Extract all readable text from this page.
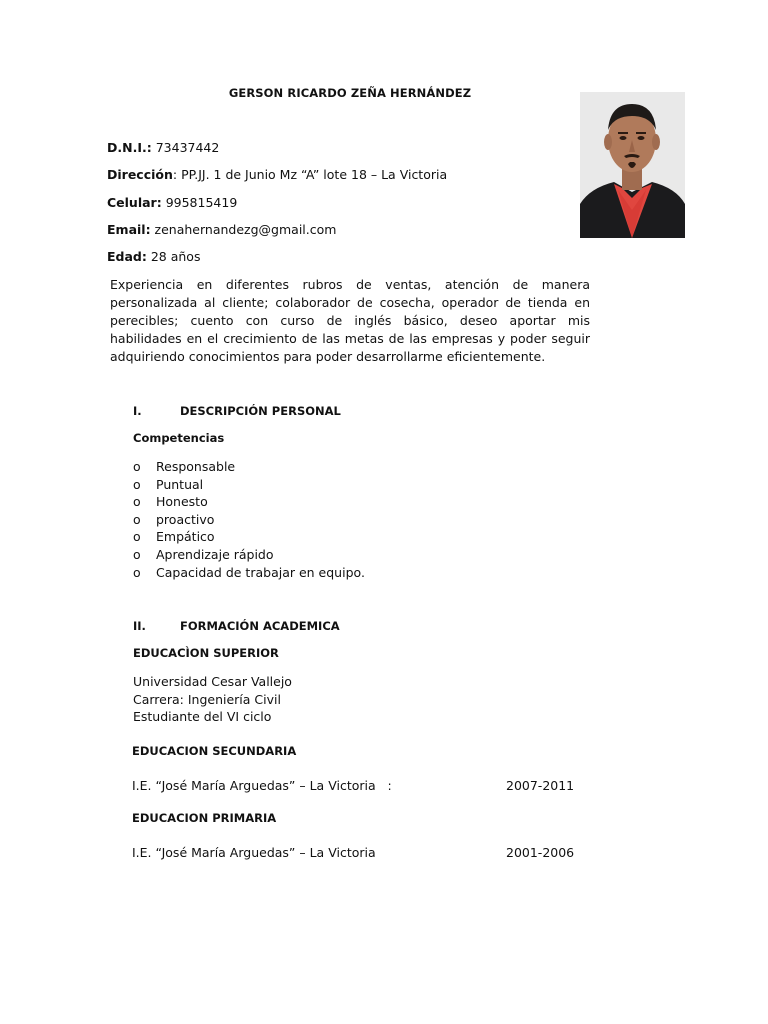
GERSON RICARDO ZEÑA HERNÁNDEZ
D.N.I.: 73437442
Dirección: PP.JJ. 1 de Junio Mz “A” lote 18 – La Victoria
Celular: 995815419
Email: zenahernandezg@gmail.com
Edad: 28 años
Experiencia en diferentes rubros de ventas, atención de manera personalizada al cliente; colaborador de cosecha, operador de tienda en perecibles; cuento con curso de inglés básico, deseo aportar mis habilidades en el crecimiento de las metas de las empresas y poder seguir adquiriendo conocimientos para poder desarrollarme eficientemente.
I.	DESCRIPCIÓN PERSONAL
Competencias
o Responsable
o Puntual
o Honesto
o proactivo
o Empático
o Aprendizaje rápido
o Capacidad de trabajar en equipo.
II.	FORMACIÓN ACADEMICA
EDUCACÌON SUPERIOR
Universidad Cesar Vallejo
Carrera: Ingeniería Civil
Estudiante del VI ciclo
EDUCACION SECUNDARIA
I.E. “José María Arguedas” – La Victoria   :	2007-2011
EDUCACION PRIMARIA
I.E. “José María Arguedas” – La Victoria	2001-2006
